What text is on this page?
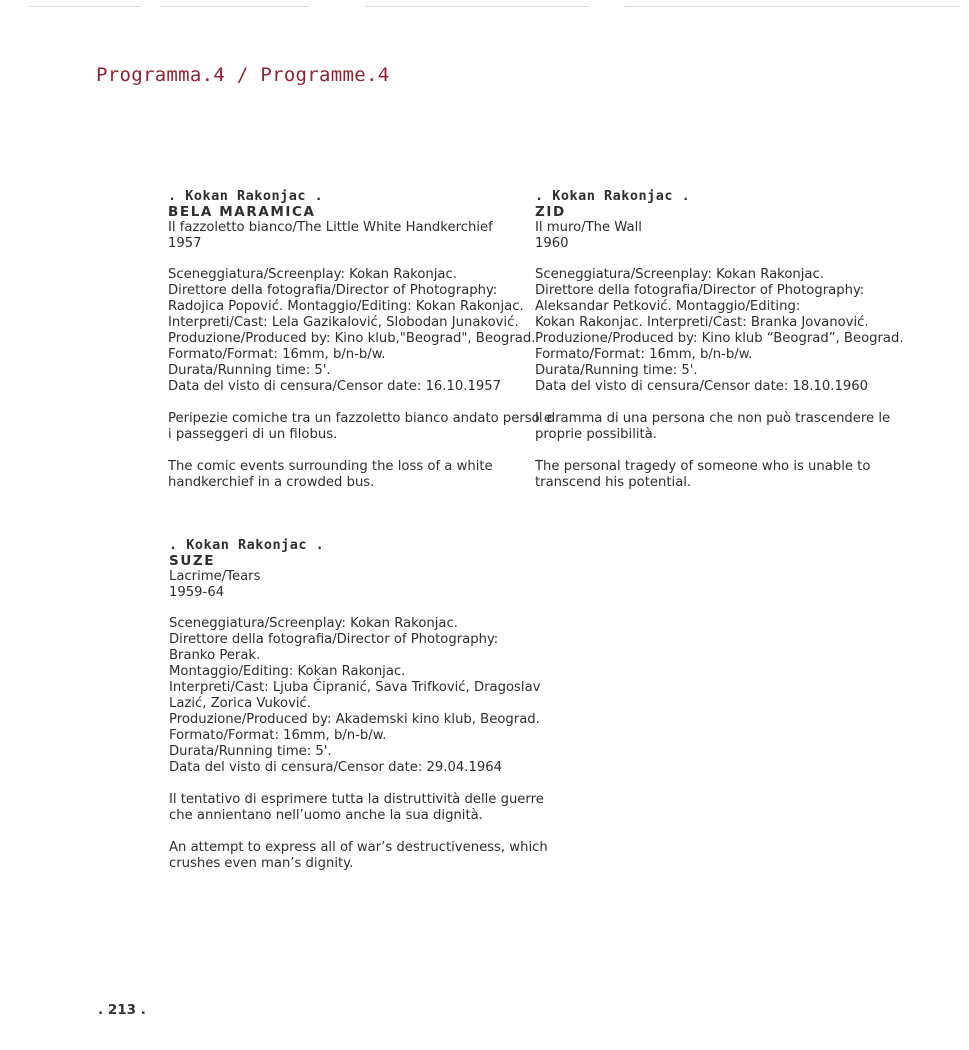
Programma.4 / Programme.4

. Kokan Rakonjac .

BELA MARAMICA

Il fazzoletto bianco/The Little White Handkerchief

1957

Sceneggiatura/Screenplay: Kokan Rakonjac.

Direttore della fotografia/Director of Photography:

Radojica Popović. Montaggio/Editing: Kokan Rakonjac.

Interpreti/Cast: Lela Gazikalović, Slobodan Junaković.

Produzione/Produced by: Kino klub,"Beograd", Beograd.

Formato/Format: 16mm, b/n-b/w.

Durata/Running time: 5'.

Data del visto di censura/Censor date: 16.10.1957

Peripezie comiche tra un fazzoletto bianco andato perso e

i passeggeri di un filobus.

The comic events surrounding the loss of a white

handkerchief in a crowded bus.

. Kokan Rakonjac .

ZID

Il muro/The Wall

1960

Sceneggiatura/Screenplay: Kokan Rakonjac.

Direttore della fotografia/Director of Photography:

Aleksandar Petković. Montaggio/Editing:

Kokan Rakonjac. Interpreti/Cast: Branka Jovanović.

Produzione/Produced by: Kino klub “Beograd”, Beograd.

Formato/Format: 16mm, b/n-b/w.

Durata/Running time: 5'.

Data del visto di censura/Censor date: 18.10.1960

Il dramma di una persona che non può trascendere le

proprie possibilità.

The personal tragedy of someone who is unable to

transcend his potential.

. Kokan Rakonjac .

SUZE

Lacrime/Tears

1959-64

Sceneggiatura/Screenplay: Kokan Rakonjac.

Direttore della fotografia/Director of Photography:

Branko Perak.

Montaggio/Editing: Kokan Rakonjac.

Interpreti/Cast: Ljuba Čipranić, Sava Trifković, Dragoslav

Lazić, Zorica Vuković.

Produzione/Produced by: Akademski kino klub, Beograd.

Formato/Format: 16mm, b/n-b/w.

Durata/Running time: 5'.

Data del visto di censura/Censor date: 29.04.1964

Il tentativo di esprimere tutta la distruttività delle guerre

che annientano nell’uomo anche la sua dignità.

An attempt to express all of war’s destructiveness, which

crushes even man’s dignity.

. 213 .
